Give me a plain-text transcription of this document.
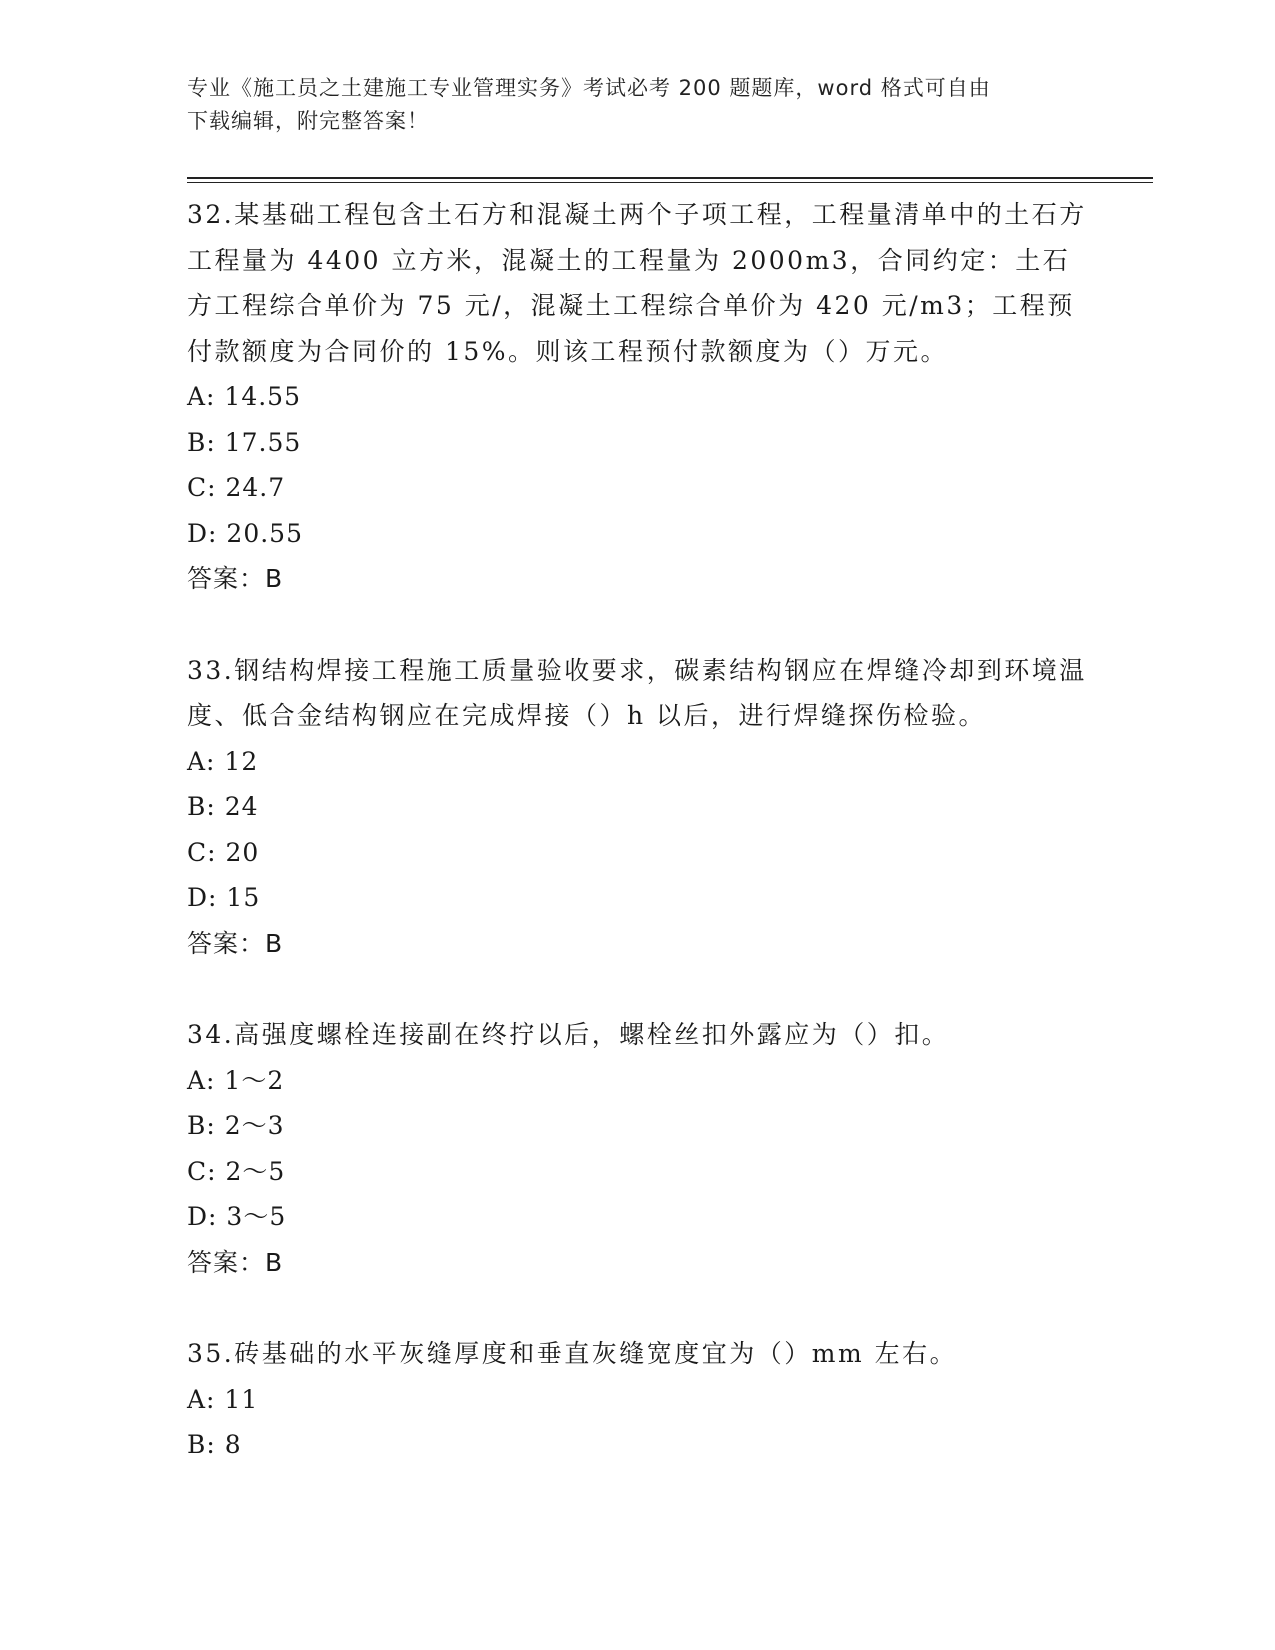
专业《施工员之土建施工专业管理实务》考试必考 200 题题库，word 格式可自由
下载编辑，附完整答案！

32.某基础工程包含土石方和混凝土两个子项工程，工程量清单中的土石方工程量为 4400 立方米，混凝土的工程量为 2000m3，合同约定：土石方工程综合单价为 75 元/，混凝土工程综合单价为 420 元/m3；工程预付款额度为合同价的 15%。则该工程预付款额度为（）万元。

A: 14.55

B: 17.55

C: 24.7

D: 20.55

答案：B

33.钢结构焊接工程施工质量验收要求，碳素结构钢应在焊缝冷却到环境温度、低合金结构钢应在完成焊接（）h 以后，进行焊缝探伤检验。

A: 12

B: 24

C: 20

D: 15

答案：B

34.高强度螺栓连接副在终拧以后，螺栓丝扣外露应为（）扣。

A: 1～2

B: 2～3

C: 2～5

D: 3～5

答案：B

35.砖基础的水平灰缝厚度和垂直灰缝宽度宜为（）mm 左右。

A: 11

B: 8
